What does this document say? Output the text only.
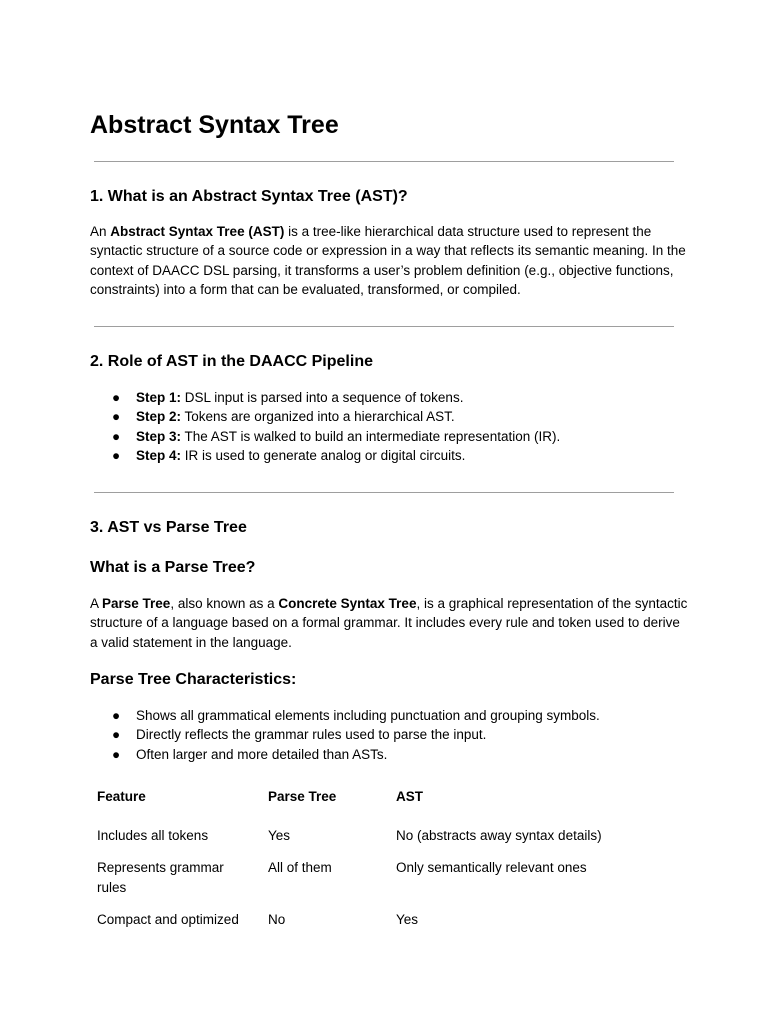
Abstract Syntax Tree
1. What is an Abstract Syntax Tree (AST)?

An Abstract Syntax Tree (AST) is a tree-like hierarchical data structure used to represent the syntactic structure of a source code or expression in a way that reflects its semantic meaning. In the context of DAACC DSL parsing, it transforms a user’s problem definition (e.g., objective functions, constraints) into a form that can be evaluated, transformed, or compiled.

2. Role of AST in the DAACC Pipeline
● Step 1: DSL input is parsed into a sequence of tokens.
● Step 2: Tokens are organized into a hierarchical AST.
● Step 3: The AST is walked to build an intermediate representation (IR).
● Step 4: IR is used to generate analog or digital circuits.
3. AST vs Parse Tree
What is a Parse Tree?

A Parse Tree, also known as a Concrete Syntax Tree, is a graphical representation of the syntactic structure of a language based on a formal grammar. It includes every rule and token used to derive a valid statement in the language.

Parse Tree Characteristics:
● Shows all grammatical elements including punctuation and grouping symbols.
● Directly reflects the grammar rules used to parse the input.
● Often larger and more detailed than ASTs.
Feature	Parse Tree	AST
Includes all tokens	Yes	No (abstracts away syntax details)
Represents grammar rules	All of them	Only semantically relevant ones
Compact and optimized	No	Yes
